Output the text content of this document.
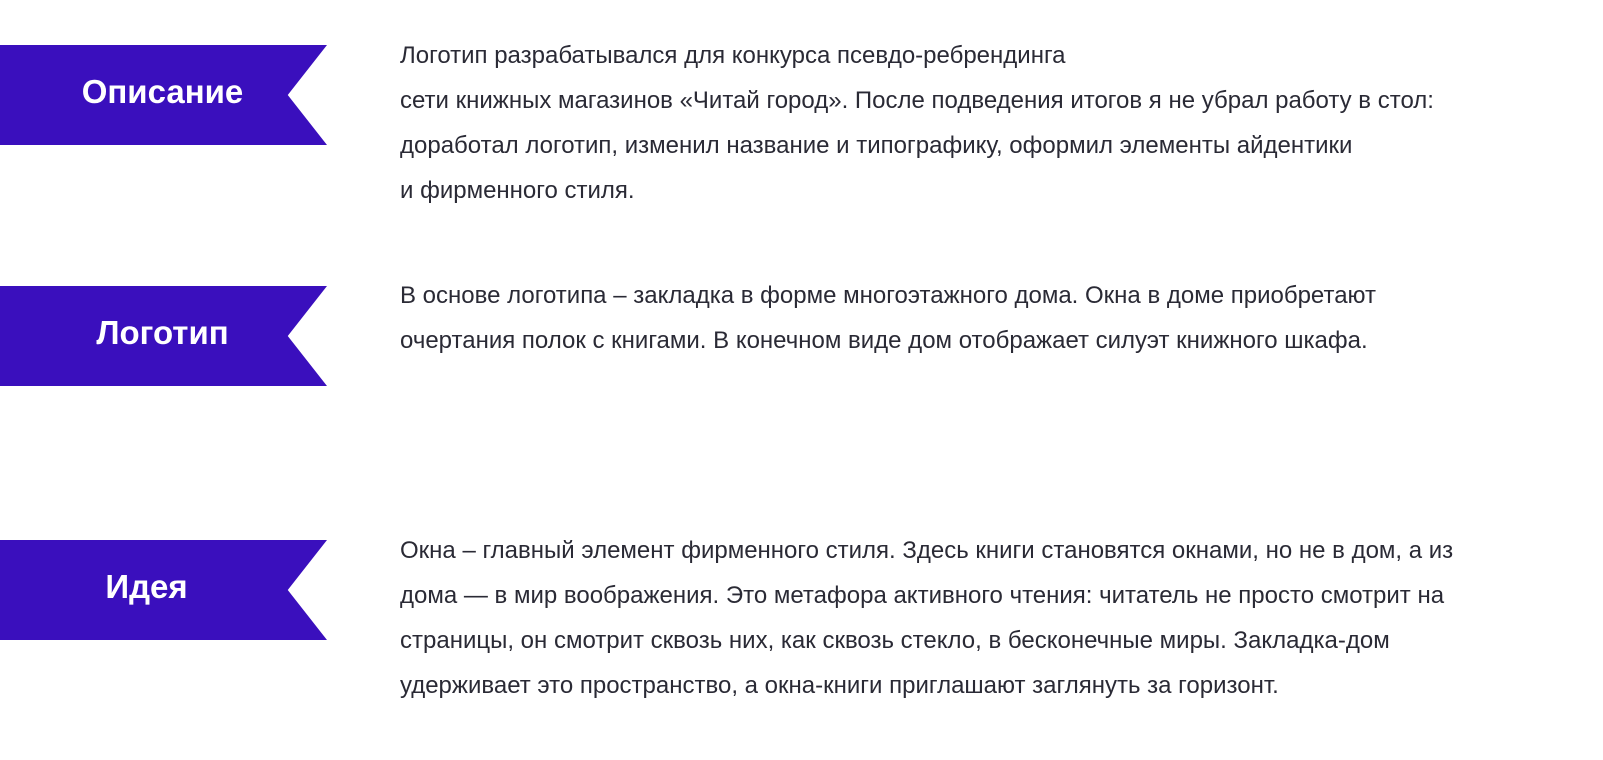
Описание

Логотип разрабатывался для конкурса псевдо-ребрендинга
сети книжных магазинов «Читай город». После подведения итогов я не убрал работу в стол:
доработал логотип, изменил название и типографику, оформил элементы айдентики
и фирменного стиля.

Логотип

В основе логотипа – закладка в форме многоэтажного дома. Окна в доме приобретают
очертания полок с книгами. В конечном виде дом отображает силуэт книжного шкафа.

Идея

Окна – главный элемент фирменного стиля. Здесь книги становятся окнами, но не в дом, а из
дома — в мир воображения. Это метафора активного чтения: читатель не просто смотрит на
страницы, он смотрит сквозь них, как сквозь стекло, в бесконечные миры. Закладка-дом
удерживает это пространство, а окна-книги приглашают заглянуть за горизонт.
